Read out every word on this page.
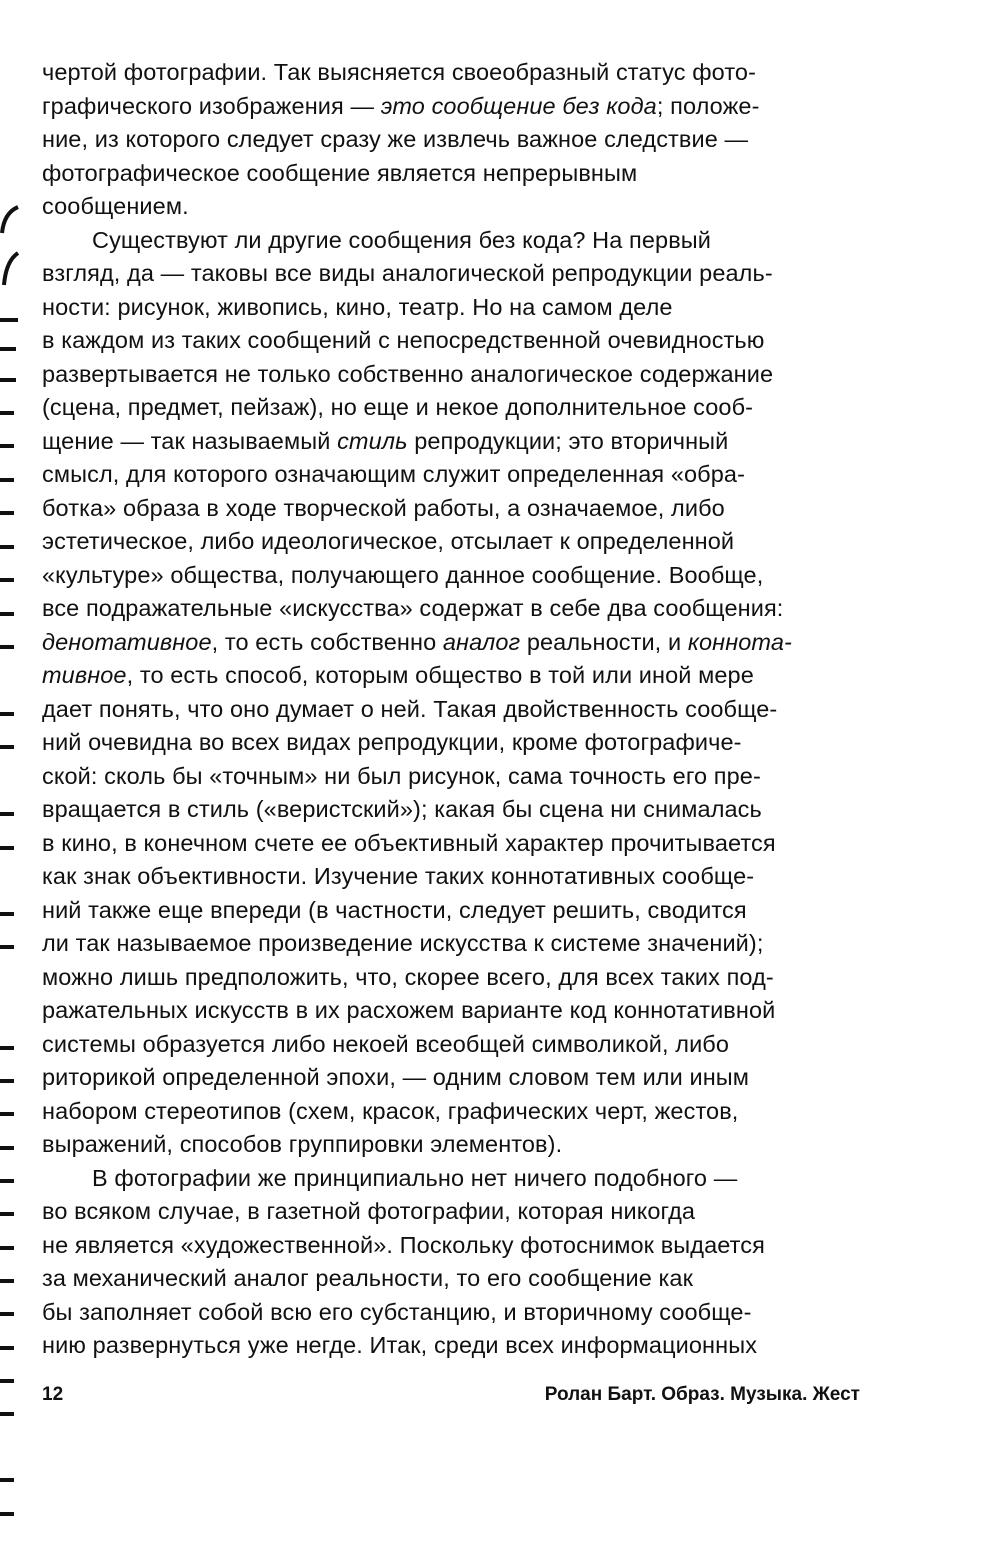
чертой фотографии. Так выясняется своеобразный статус фото-
графического изображения — это сообщение без кода; положе-
ние, из которого следует сразу же извлечь важное следствие —
фотографическое сообщение является непрерывным
сообщением.
Существуют ли другие сообщения без кода? На первый
взгляд, да — таковы все виды аналогической репродукции реаль-
ности: рисунок, живопись, кино, театр. Но на самом деле
в каждом из таких сообщений с непосредственной очевидностью
развертывается не только собственно аналогическое содержание
(сцена, предмет, пейзаж), но еще и некое дополнительное сооб-
щение — так называемый стиль репродукции; это вторичный
смысл, для которого означающим служит определенная «обра-
ботка» образа в ходе творческой работы, а означаемое, либо
эстетическое, либо идеологическое, отсылает к определенной
«культуре» общества, получающего данное сообщение. Вообще,
все подражательные «искусства» содержат в себе два сообщения:
денотативное, то есть собственно аналог реальности, и коннота-
тивное, то есть способ, которым общество в той или иной мере
дает понять, что оно думает о ней. Такая двойственность сообще-
ний очевидна во всех видах репродукции, кроме фотографиче-
ской: сколь бы «точным» ни был рисунок, сама точность его пре-
вращается в стиль («веристский»); какая бы сцена ни снималась
в кино, в конечном счете ее объективный характер прочитывается
как знак объективности. Изучение таких коннотативных сообще-
ний также еще впереди (в частности, следует решить, сводится
ли так называемое произведение искусства к системе значений);
можно лишь предположить, что, скорее всего, для всех таких под-
ражательных искусств в их расхожем варианте код коннотативной
системы образуется либо некоей всеобщей символикой, либо
риторикой определенной эпохи, — одним словом тем или иным
набором стереотипов (схем, красок, графических черт, жестов,
выражений, способов группировки элементов).
В фотографии же принципиально нет ничего подобного —
во всяком случае, в газетной фотографии, которая никогда
не является «художественной». Поскольку фотоснимок выдается
за механический аналог реальности, то его сообщение как
бы заполняет собой всю его субстанцию, и вторичному сообще-
нию развернуться уже негде. Итак, среди всех информационных
12	Ролан Барт. Образ. Музыка. Жест
